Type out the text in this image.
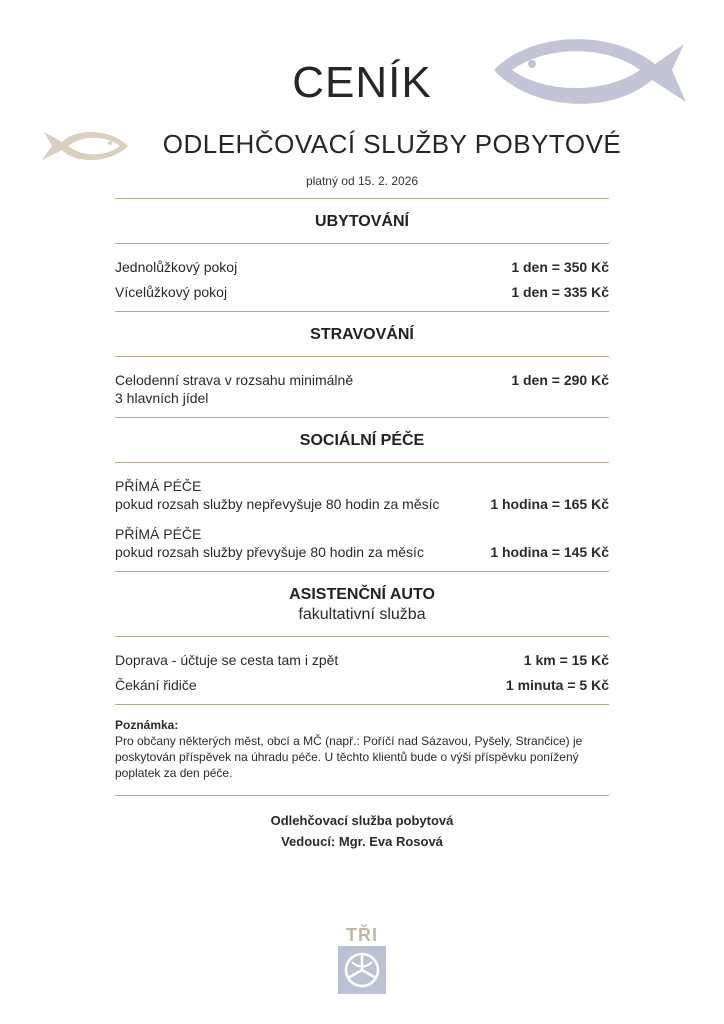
CENÍK
ODLEHČOVACÍ SLUŽBY POBYTOVÉ
platný od 15. 2. 2026
UBYTOVÁNÍ
Jednolůžkový pokoj	1 den = 350 Kč
Vícelůžkový pokoj	1 den = 335 Kč
STRAVOVÁNÍ
Celodenní strava v rozsahu minimálně
3 hlavních jídel
1 den = 290 Kč
SOCIÁLNÍ PÉČE
PŘÍMÁ PÉČE
pokud rozsah služby nepřevyšuje 80 hodin za měsíc	1 hodina = 165 Kč
PŘÍMÁ PÉČE
pokud rozsah služby převyšuje 80 hodin za měsíc	1 hodina = 145 Kč
ASISTENČNÍ AUTO
fakultativní služba
Doprava - účtuje se cesta tam i zpět	1 km = 15 Kč
Čekání řidiče	1 minuta = 5 Kč
Poznámka:
Pro občany některých měst, obcí a MČ (např.: Poříčí nad Sázavou, Pyšely, Strančice) je poskytován příspěvek na úhradu péče. U těchto klientů bude o výši příspěvku ponížený poplatek za den péče.
Odlehčovací služba pobytová
Vedoucí: Mgr. Eva Rosová
TŘI
